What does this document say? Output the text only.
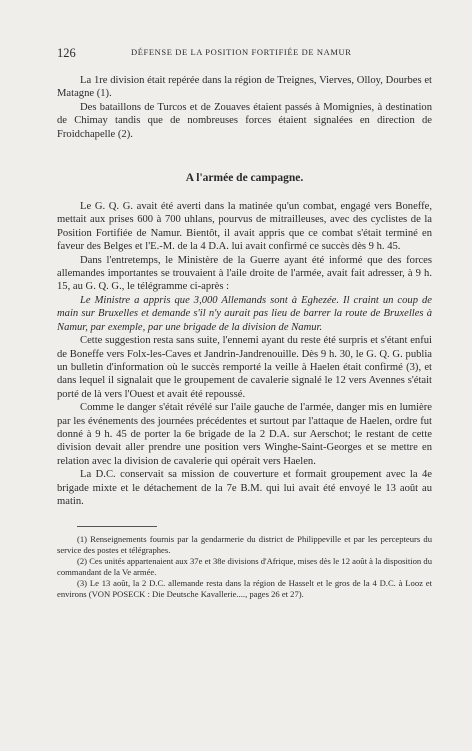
126	DÉFENSE DE LA POSITION FORTIFIÉE DE NAMUR

La 1re division était repérée dans la région de Treignes, Vierves, Olloy, Dourbes et Matagne (1).

Des bataillons de Turcos et de Zouaves étaient passés à Momignies, à destination de Chimay tandis que de nombreuses forces étaient signalées en direction de Froidchapelle (2).

A l'armée de campagne.

Le G. Q. G. avait été averti dans la matinée qu'un combat, engagé vers Boneffe, mettait aux prises 600 à 700 uhlans, pourvus de mitrailleuses, avec des cyclistes de la Position Fortifiée de Namur. Bientôt, il avait appris que ce combat s'était terminé en faveur des Belges et l'E.-M. de la 4 D.A. lui avait confirmé ce succès dès 9 h. 45.

Dans l'entretemps, le Ministère de la Guerre ayant été informé que des forces allemandes importantes se trouvaient à l'aile droite de l'armée, avait fait adresser, à 9 h. 15, au G. Q. G., le télégramme ci-après :

Le Ministre a appris que 3,000 Allemands sont à Eghezée. Il craint un coup de main sur Bruxelles et demande s'il n'y aurait pas lieu de barrer la route de Bruxelles à Namur, par exemple, par une brigade de la division de Namur.

Cette suggestion resta sans suite, l'ennemi ayant du reste été surpris et s'étant enfui de Boneffe vers Folx-les-Caves et Jandrin-Jandrenouille. Dès 9 h. 30, le G. Q. G. publia un bulletin d'information où le succès remporté la veille à Haelen était confirmé (3), et dans lequel il signalait que le groupement de cavalerie signalé le 12 vers Avennes s'était porté de là vers l'Ouest et avait été repoussé.

Comme le danger s'était révélé sur l'aile gauche de l'armée, danger mis en lumière par les événements des journées précédentes et surtout par l'attaque de Haelen, ordre fut donné à 9 h. 45 de porter la 6e brigade de la 2 D.A. sur Aerschot; le restant de cette division devait aller prendre une position vers Winghe-Saint-Georges et se mettre en relation avec la division de cavalerie qui opérait vers Haelen.

La D.C. conservait sa mission de couverture et formait groupement avec la 4e brigade mixte et le détachement de la 7e B.M. qui lui avait été envoyé le 13 août au matin.

(1) Renseignements fournis par la gendarmerie du district de Philippeville et par les percepteurs du service des postes et télégraphes.

(2) Ces unités appartenaient aux 37e et 38e divisions d'Afrique, mises dès le 12 août à la disposition du commandant de la Ve armée.

(3) Le 13 août, la 2 D.C. allemande resta dans la région de Hasselt et le gros de la 4 D.C. à Looz et environs (VON POSECK : Die Deutsche Kavallerie...., pages 26 et 27).
